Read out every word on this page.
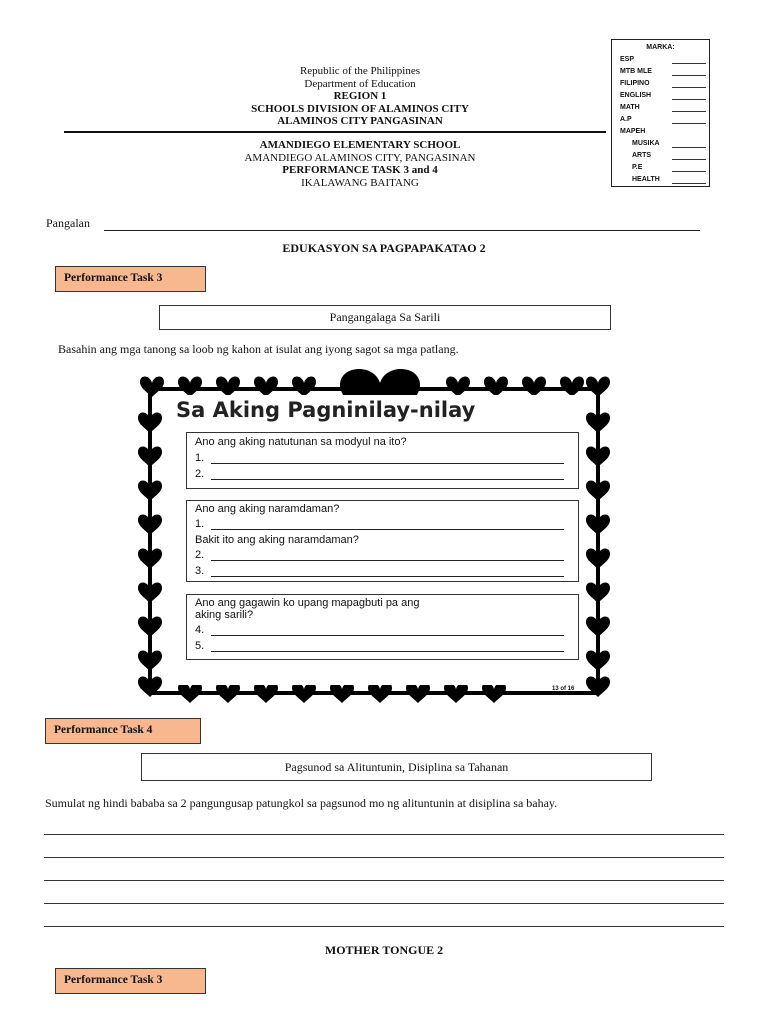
Republic of the Philippines
Department of Education
REGION 1
SCHOOLS DIVISION OF ALAMINOS CITY
ALAMINOS CITY PANGASINAN
AMANDIEGO ELEMENTARY SCHOOL
AMANDIEGO ALAMINOS CITY, PANGASINAN
PERFORMANCE TASK 3 and 4
IKALAWANG BAITANG
MARKA:
ESP
MTB MLE
FILIPINO
ENGLISH
MATH
A.P
MAPEH
MUSIKA
ARTS
P.E
HEALTH
Pangalan
EDUKASYON SA PAGPAPAKATAO 2
Performance Task 3
Pangangalaga Sa Sarili
Basahin ang mga tanong sa loob ng kahon at isulat ang iyong sagot sa mga patlang.
Sa Aking Pagninilay-nilay
Ano ang aking natutunan sa modyul na ito?
1.
2.
Ano ang aking naramdaman?
1.
Bakit ito ang aking naramdaman?
2.
3.
Ano ang gagawin ko upang mapagbuti pa ang
aking sarili?
4.
5.
13 of 16
Performance Task 4
Pagsunod sa Alituntunin, Disiplina sa Tahanan
Sumulat ng hindi bababa sa 2 pangungusap patungkol sa pagsunod mo ng alituntunin at disiplina sa bahay.
MOTHER TONGUE 2
Performance Task 3
